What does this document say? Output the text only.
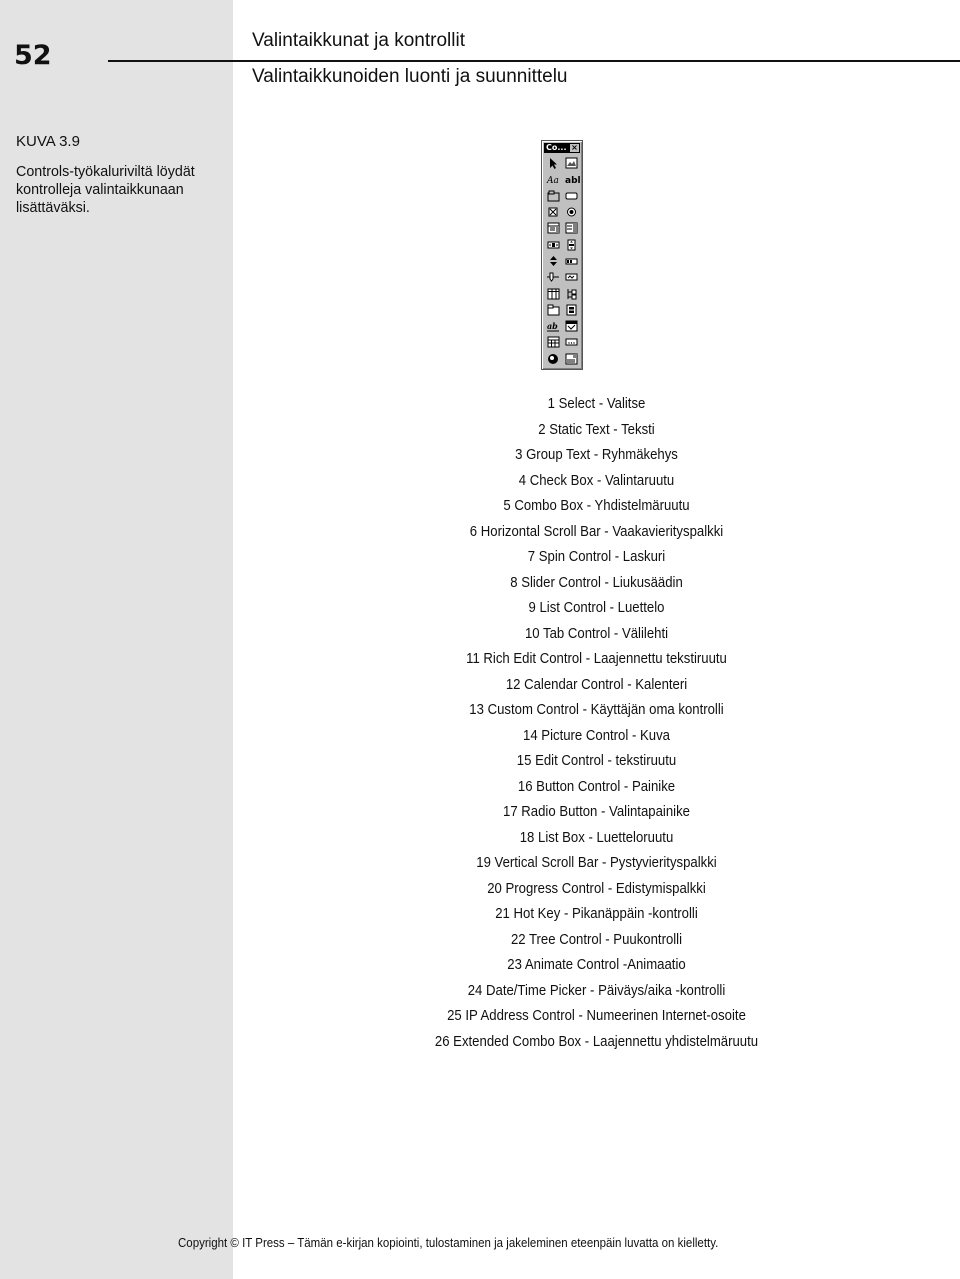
52	Valintaikkunat ja kontrollit
Valintaikkunoiden luonti ja suunnittelu
KUVA 3.9
Controls-työkaluriviltä löydät kontrolleja valintaikkunaan lisättäväksi.
Co... ×
Aa abl
ab
1 Select - Valitse
2 Static Text - Teksti
3 Group Text - Ryhmäkehys
4 Check Box - Valintaruutu
5 Combo Box - Yhdistelmäruutu
6 Horizontal Scroll Bar - Vaakavierityspalkki
7 Spin Control - Laskuri
8 Slider Control - Liukusäädin
9 List Control - Luettelo
10 Tab Control - Välilehti
11 Rich Edit Control - Laajennettu tekstiruutu
12 Calendar Control - Kalenteri
13 Custom Control - Käyttäjän oma kontrolli
14 Picture Control - Kuva
15 Edit Control - tekstiruutu
16 Button Control - Painike
17 Radio Button - Valintapainike
18 List Box - Luetteloruutu
19 Vertical Scroll Bar - Pystyvierityspalkki
20 Progress Control - Edistymispalkki
21 Hot Key - Pikanäppäin -kontrolli
22 Tree Control - Puukontrolli
23 Animate Control -Animaatio
24 Date/Time Picker - Päiväys/aika -kontrolli
25 IP Address Control - Numeerinen Internet-osoite
26 Extended Combo Box - Laajennettu yhdistelmäruutu
Copyright © IT Press – Tämän e-kirjan kopiointi, tulostaminen ja jakeleminen eteenpäin luvatta on kielletty.
